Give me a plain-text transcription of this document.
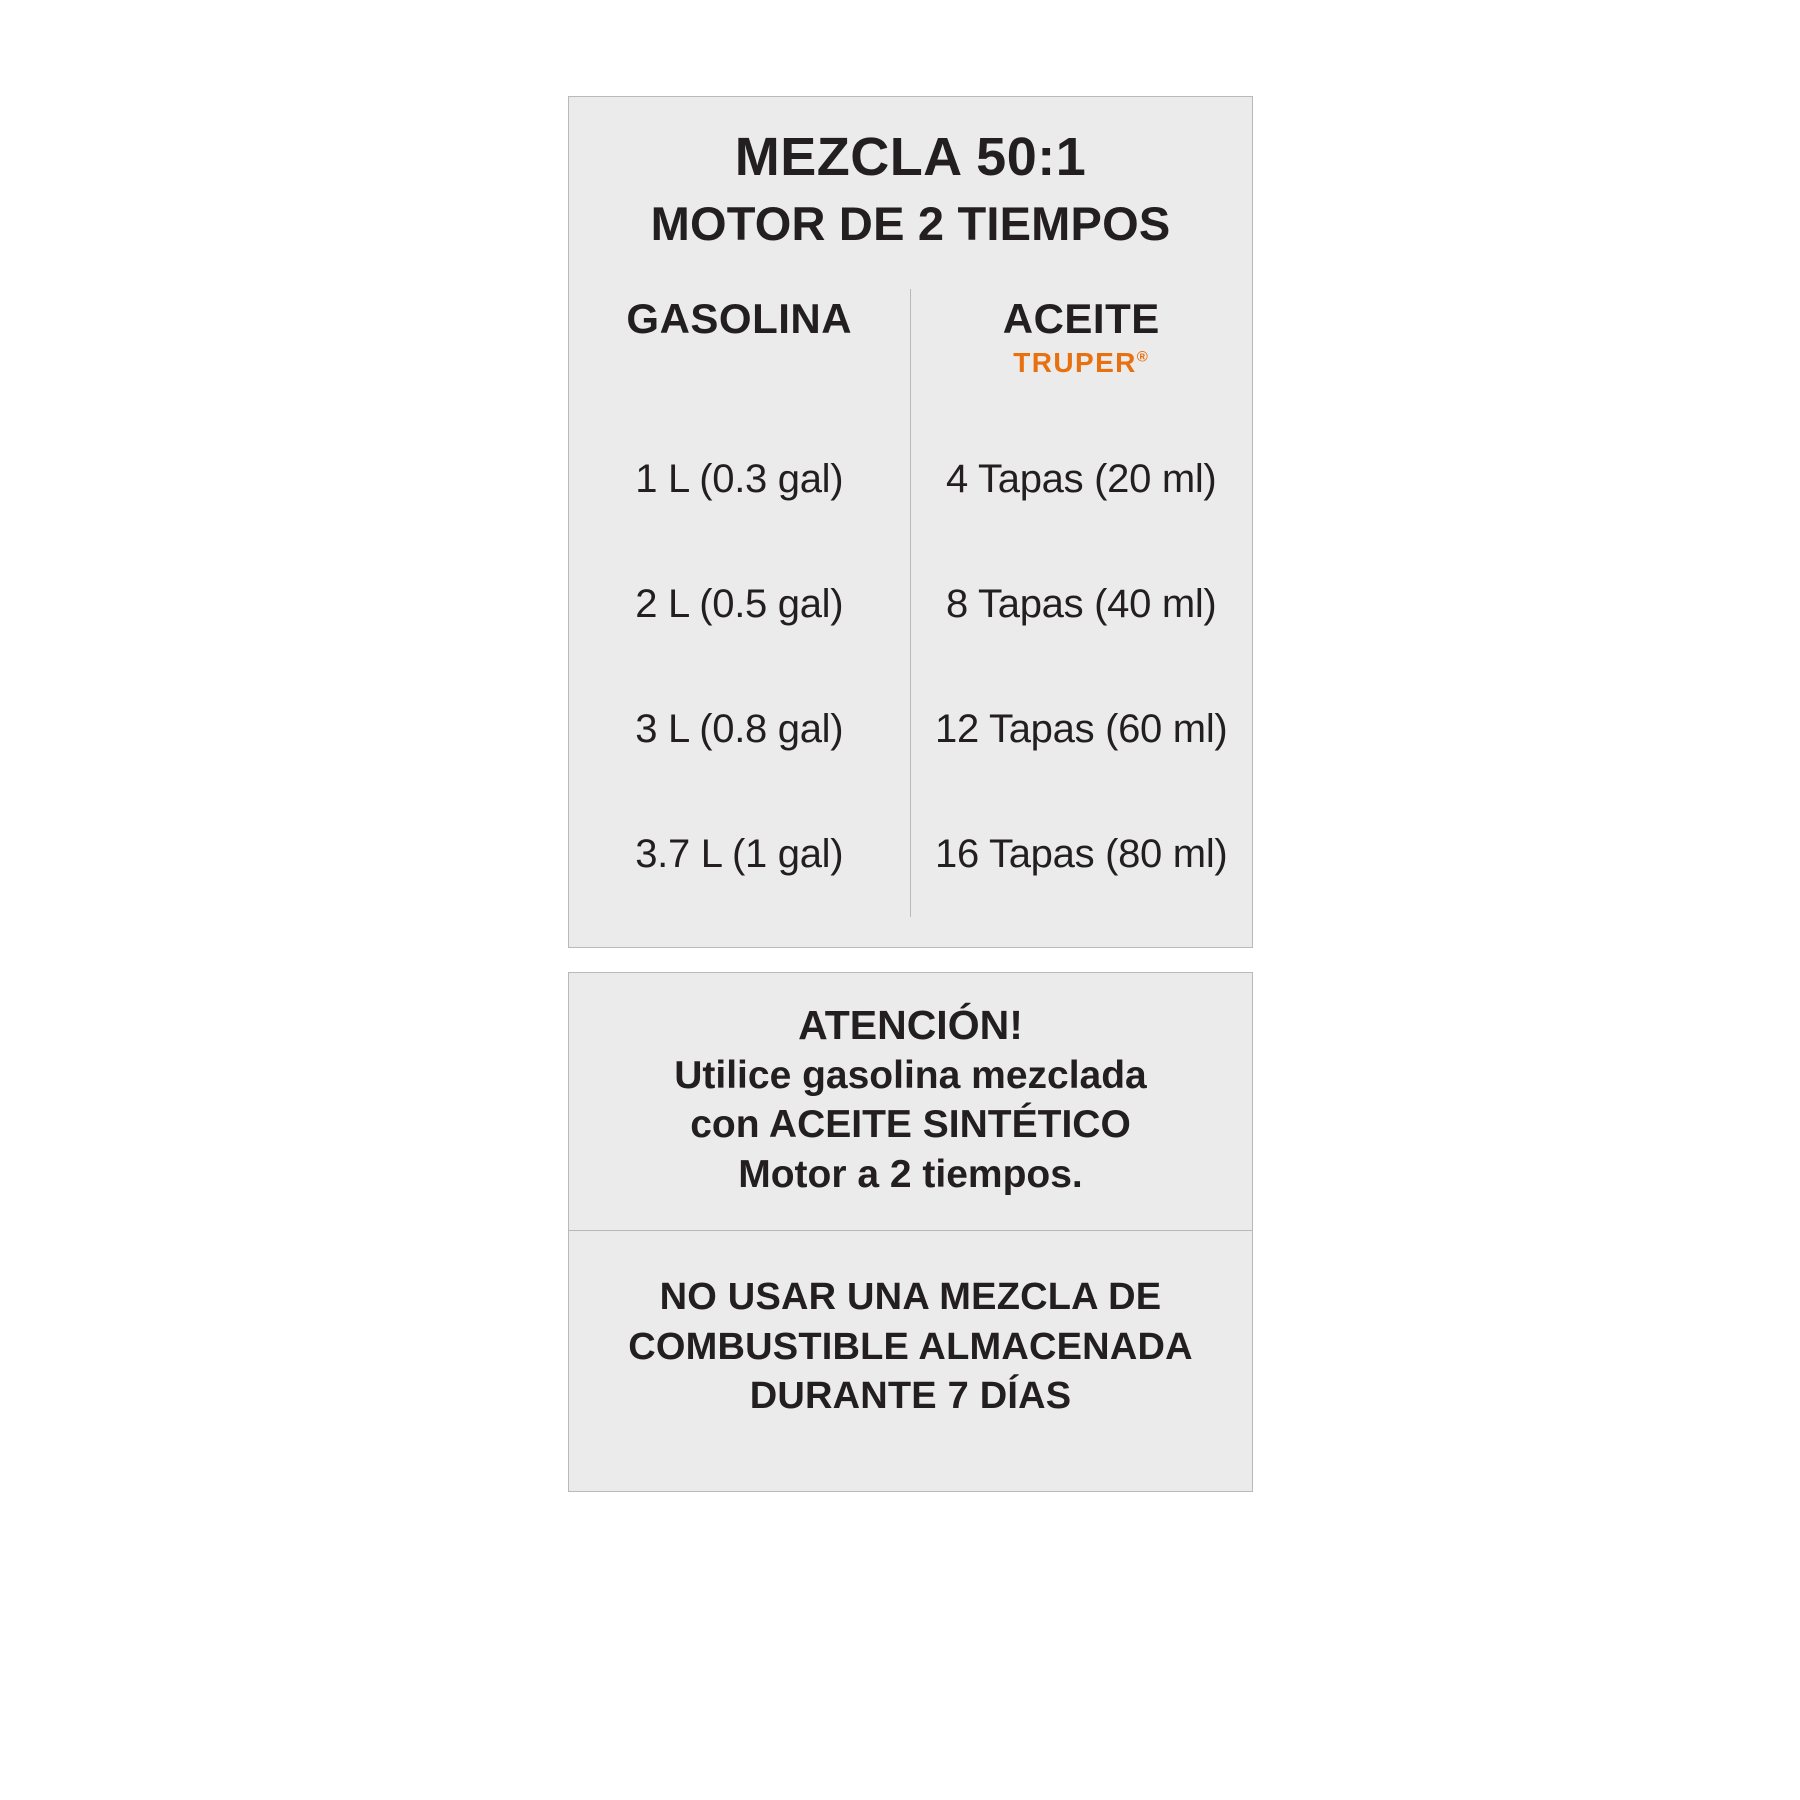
MEZCLA 50:1
MOTOR DE 2 TIEMPOS
GASOLINA
1 L (0.3 gal)
2 L (0.5 gal)
3 L (0.8 gal)
3.7 L (1 gal)
ACEITE
TRUPER®
4 Tapas (20 ml)
8 Tapas (40 ml)
12 Tapas (60 ml)
16 Tapas (80 ml)
ATENCIÓN!
Utilice gasolina mezclada
con ACEITE SINTÉTICO
Motor a 2 tiempos.
NO USAR UNA MEZCLA DE
COMBUSTIBLE ALMACENADA
DURANTE 7 DÍAS
